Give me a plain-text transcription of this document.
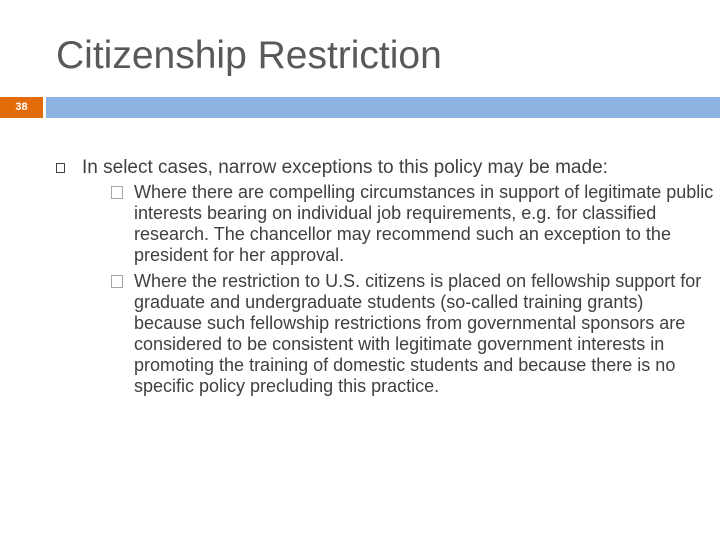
Citizenship Restriction
38
In select cases, narrow exceptions to this policy may be made:
Where there are compelling circumstances in support of legitimate public interests bearing on individual job requirements, e.g. for classified research. The chancellor may recommend such an exception to the president for her approval.
Where the restriction to U.S. citizens is placed on fellowship support for graduate and undergraduate students (so-called training grants) because such fellowship restrictions from governmental sponsors are considered to be consistent with legitimate government interests in promoting the training of domestic students and because there is no specific policy precluding this practice.
